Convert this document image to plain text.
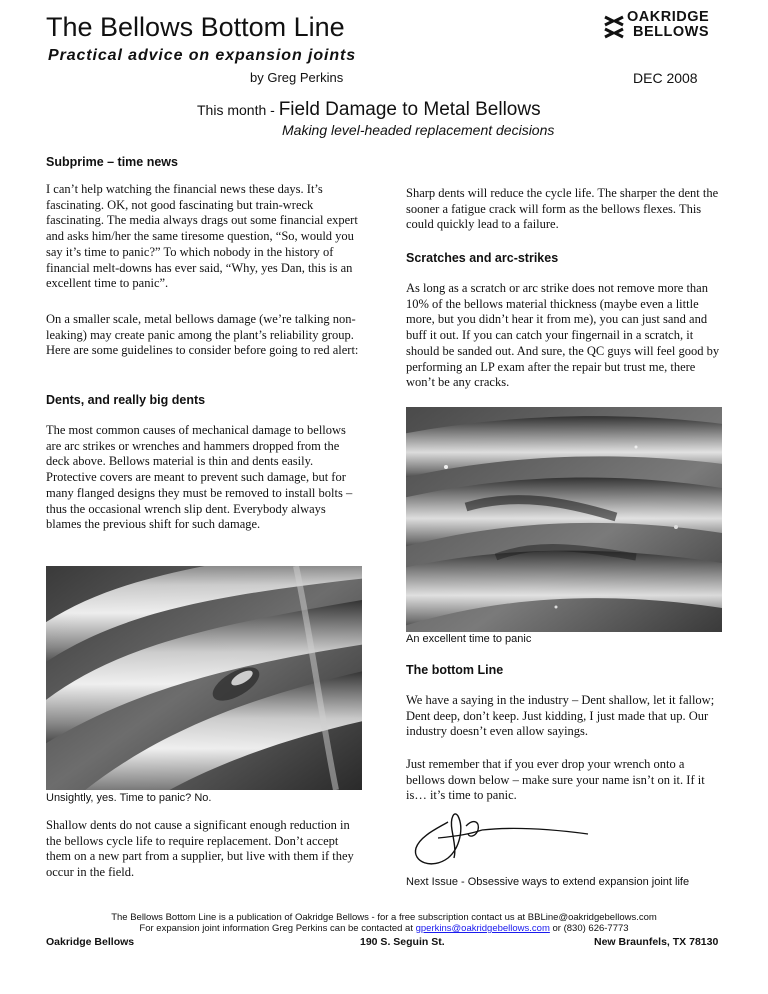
The Bellows Bottom Line
Practical advice on expansion joints
by Greg Perkins	DEC 2008
OAKRIDGE
BELLOWS
This month - Field Damage to Metal Bellows
Making level-headed replacement decisions
Subprime – time news
I can’t help watching the financial news these days. It’s fascinating. OK, not good fascinating but train-wreck fascinating. The media always drags out some financial expert and asks him/her the same tiresome question, “So, would you say it’s time to panic?” To which nobody in the history of financial melt-downs has ever said, “Why, yes Dan, this is an excellent time to panic”.
On a smaller scale, metal bellows damage (we’re talking non-leaking) may create panic among the plant’s reliability group. Here are some guidelines to consider before going to red alert:
Dents, and really big dents
The most common causes of mechanical damage to bellows are arc strikes or wrenches and hammers dropped from the deck above. Bellows material is thin and dents easily. Protective covers are meant to prevent such damage, but for many flanged designs they must be removed to install bolts – thus the occasional wrench slip dent. Everybody always blames the previous shift for such damage.
Unsightly, yes. Time to panic? No.
Shallow dents do not cause a significant enough reduction in the bellows cycle life to require replacement. Don’t accept them on a new part from a supplier, but live with them if they occur in the field.
Sharp dents will reduce the cycle life. The sharper the dent the sooner a fatigue crack will form as the bellows flexes. This could quickly lead to a failure.
Scratches and arc-strikes
As long as a scratch or arc strike does not remove more than 10% of the bellows material thickness (maybe even a little more, but you didn’t hear it from me), you can just sand and buff it out. If you can catch your fingernail in a scratch, it should be sanded out. And sure, the QC guys will feel good by performing an LP exam after the repair but trust me, there won’t be any cracks.
An excellent time to panic
The bottom Line
We have a saying in the industry – Dent shallow, let it fallow; Dent deep, don’t keep. Just kidding, I just made that up. Our industry doesn’t even allow sayings.
Just remember that if you ever drop your wrench onto a bellows down below – make sure your name isn’t on it. If it is… it’s time to panic.
Next Issue - Obsessive ways to extend expansion joint life
The Bellows Bottom Line is a publication of Oakridge Bellows - for a free subscription contact us at BBLine@oakridgebellows.com
For expansion joint information Greg Perkins can be contacted at gperkins@oakridgebellows.com or (830) 626-7773
Oakridge Bellows	190 S. Seguin St.	New Braunfels, TX 78130
